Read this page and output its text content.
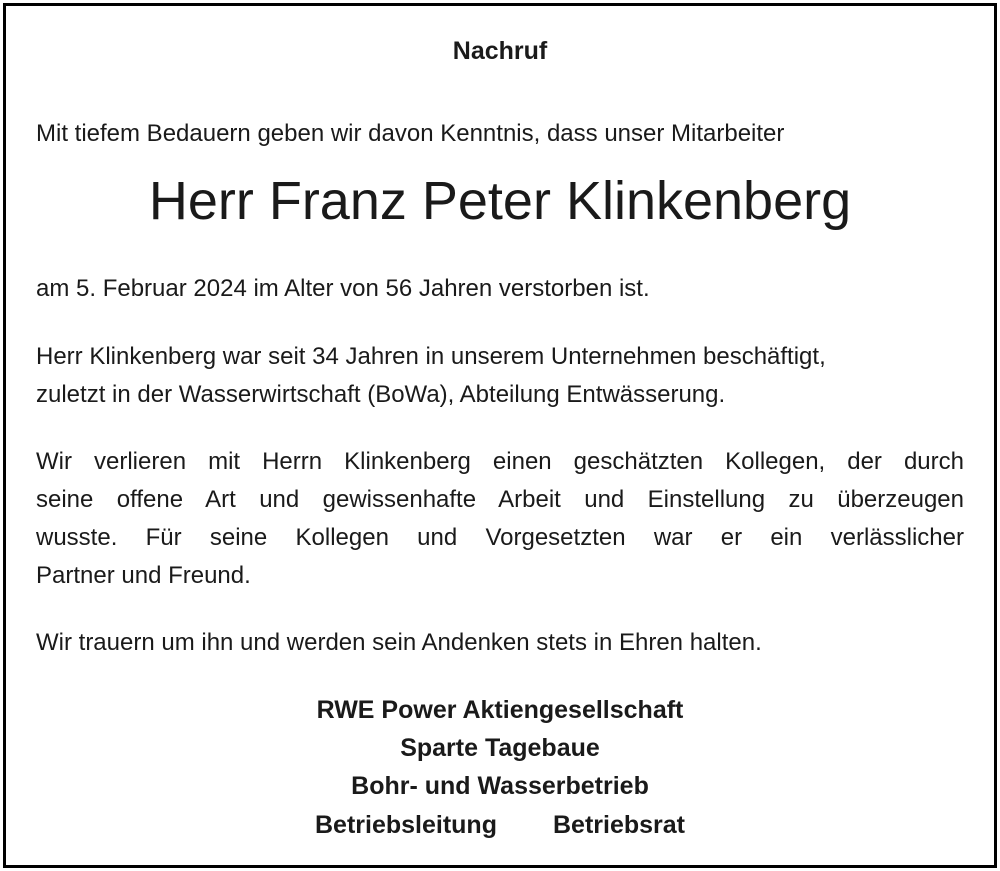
Nachruf
Mit tiefem Bedauern geben wir davon Kenntnis, dass unser Mitarbeiter
Herr Franz Peter Klinkenberg
am 5. Februar 2024 im Alter von 56 Jahren verstorben ist.
Herr Klinkenberg war seit 34 Jahren in unserem Unternehmen beschäftigt,
zuletzt in der Wasserwirtschaft (BoWa), Abteilung Entwässerung.
Wir verlieren mit Herrn Klinkenberg einen geschätzten Kollegen, der durch
seine offene Art und gewissenhafte Arbeit und Einstellung zu überzeugen
wusste. Für seine Kollegen und Vorgesetzten war er ein verlässlicher
Partner und Freund.
Wir trauern um ihn und werden sein Andenken stets in Ehren halten.
RWE Power Aktiengesellschaft
Sparte Tagebaue
Bohr- und Wasserbetrieb
Betriebsleitung Betriebsrat
